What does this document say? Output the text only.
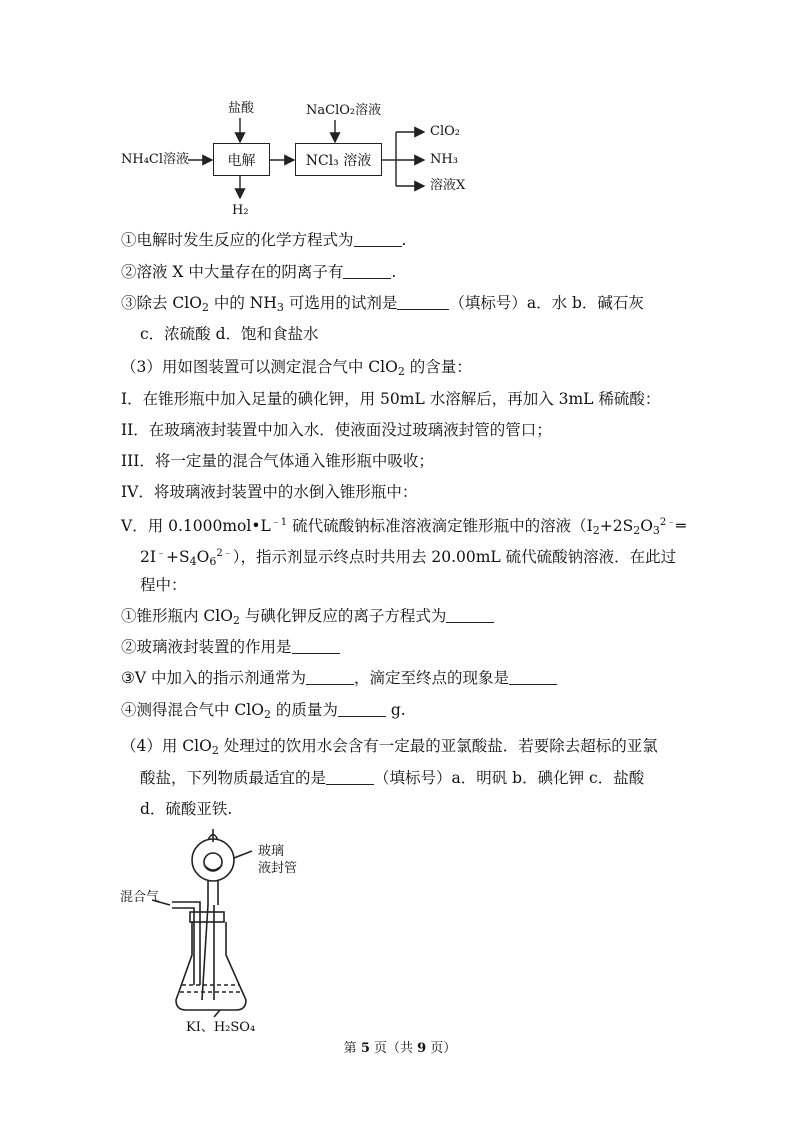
盐酸	NaClO₂溶液
NH₄Cl溶液	电解	NCl₃ 溶液
H₂
ClO₂
NH₃
溶液X
①电解时发生反应的化学方程式为	.
②溶液 X 中大量存在的阴离子有	.
③除去 ClO$_2$ 中的 $NH_3$ 可选用的试剂是	（填标号）a．水 b．碱石灰
c．浓硫酸 d．饱和食盐水
（3）用如图装置可以测定混合气中 ClO$_2$ 的含量：
I．在锥形瓶中加入足量的碘化钾，用 50mL 水溶解后，再加入 3mL 稀硫酸：
II．在玻璃液封装置中加入水．使液面没过玻璃液封管的管口；
III．将一定量的混合气体通入锥形瓶中吸收；
IV．将玻璃液封装置中的水倒入锥形瓶中：
V．用 $0.1000mol•L^{﹣1}$ 硫代硫酸钠标准溶液滴定锥形瓶中的溶液（$I_2+2S_2O_3^{2﹣}═$
$2I^﹣+S_4O_6^{2﹣}$），指示剂显示终点时共用去 20.00mL 硫代硫酸钠溶液．在此过
程中：
①锥形瓶内 ClO$_2$ 与碘化钾反应的离子方程式为
②玻璃液封装置的作用是
③V 中加入的指示剂通常为	，滴定至终点的现象是
④测得混合气中 ClO$_2$ 的质量为	g.
（4）用 ClO$_2$ 处理过的饮用水会含有一定最的亚氯酸盐．若要除去超标的亚氯
酸盐，下列物质最适宜的是	（填标号）a．明矾 b．碘化钾 c．盐酸
d．硫酸亚铁.
玻璃
液封管
混合气
KI、H₂SO₄
第 5 页（共 9 页）
